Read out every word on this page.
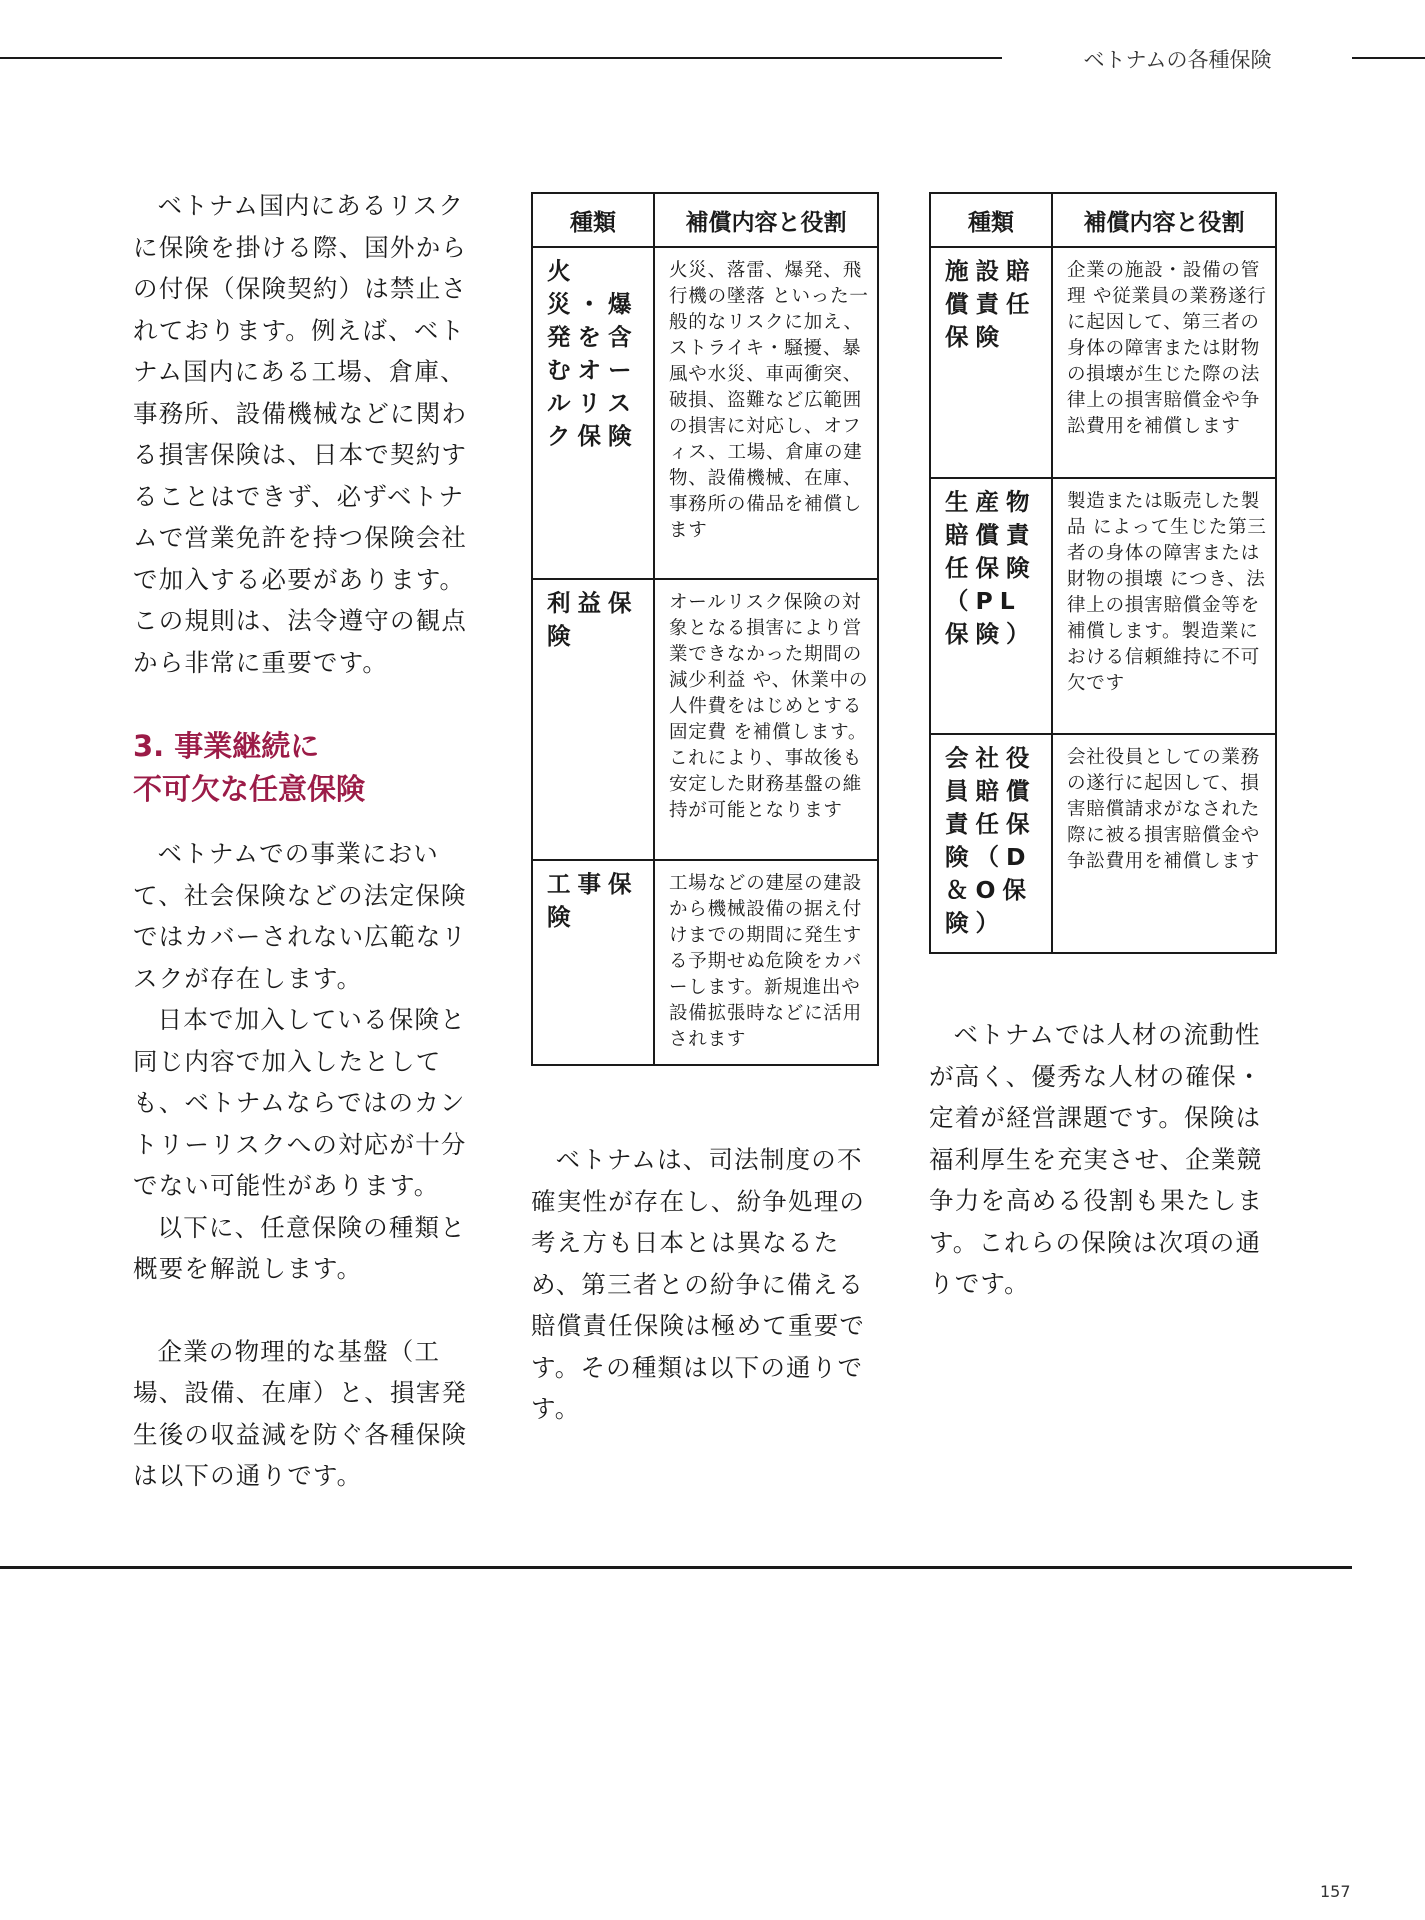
ベトナムの各種保険

ベトナム国内にあるリスクに保険を掛ける際、国外からの付保（保険契約）は禁止されております。例えば、ベトナム国内にある工場、倉庫、事務所、設備機械などに関わる損害保険は、日本で契約することはできず、必ずベトナムで営業免許を持つ保険会社で加入する必要があります。この規則は、法令遵守の観点から非常に重要です。

3. 事業継続に
不可欠な任意保険

ベトナムでの事業において、社会保険などの法定保険ではカバーされない広範なリスクが存在します。

日本で加入している保険と同じ内容で加入したとしても、ベトナムならではのカントリーリスクへの対応が十分でない可能性があります。

以下に、任意保険の種類と概要を解説します。

企業の物理的な基盤（工場、設備、在庫）と、損害発生後の収益減を防ぐ各種保険は以下の通りです。

種類	補償内容と役割
火　災・爆発を含むオールリスク保険	火災、落雷、爆発、飛行機の墜落 といった一般的なリスクに加え、ストライキ・騒擾、暴風や水災、車両衝突、破損、盗難など広範囲の損害に対応し、オフィス、工場、倉庫の建物、設備機械、在庫、事務所の備品を補償します
利益保険	オールリスク保険の対象となる損害により営業できなかった期間の減少利益 や、休業中の人件費をはじめとする固定費 を補償します。これにより、事故後も安定した財務基盤の維持が可能となります
工事保険	工場などの建屋の建設から機械設備の据え付けまでの期間に発生する予期せぬ危険をカバーします。新規進出や設備拡張時などに活用されます

ベトナムは、司法制度の不確実性が存在し、紛争処理の考え方も日本とは異なるため、第三者との紛争に備える賠償責任保険は極めて重要です。その種類は以下の通りです。

種類	補償内容と役割
施設賠償責任保険	企業の施設・設備の管理 や従業員の業務遂行 に起因して、第三者の身体の障害または財物の損壊が生じた際の法律上の損害賠償金や争訟費用を補償します
生産物賠償責任保険（PL保険）	製造または販売した製品 によって生じた第三者の身体の障害または財物の損壊 につき、法律上の損害賠償金等を補償します。製造業における信頼維持に不可欠です
会社役員賠償責任保険（D＆O保険）	会社役員としての業務の遂行に起因して、損害賠償請求がなされた際に被る損害賠償金や争訟費用を補償します

ベトナムでは人材の流動性が高く、優秀な人材の確保・定着が経営課題です。保険は福利厚生を充実させ、企業競争力を高める役割も果たします。これらの保険は次項の通りです。

157
